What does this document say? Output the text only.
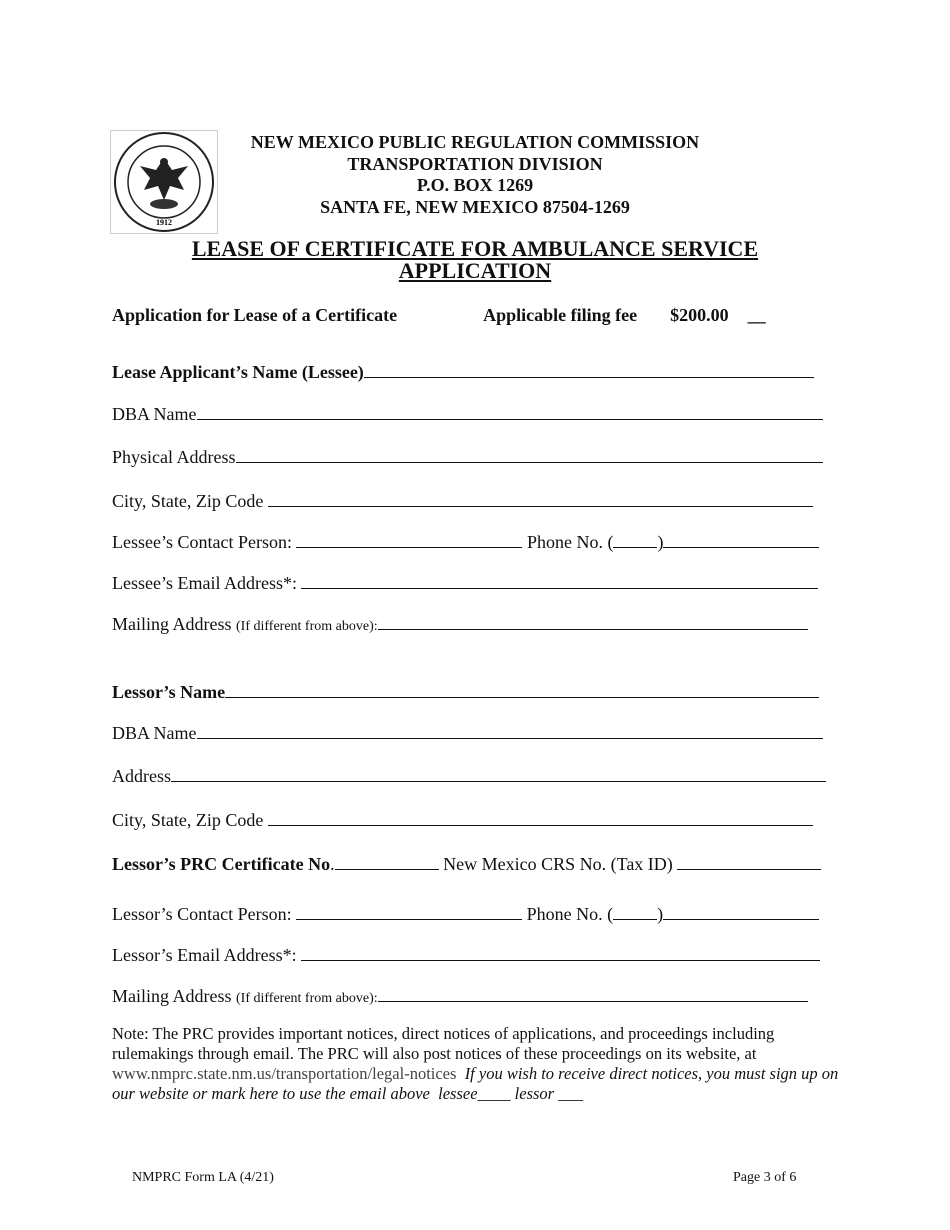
1912
NEW MEXICO PUBLIC REGULATION COMMISSION
TRANSPORTATION DIVISION
P.O. BOX 1269
SANTA FE, NEW MEXICO 87504-1269
LEASE OF CERTIFICATE FOR AMBULANCE SERVICE
APPLICATION
Application for Lease of a Certificate	Applicable filing fee $200.00 __
Lease Applicant’s Name (Lessee)
DBA Name
Physical Address
City, State, Zip Code
Lessee’s Contact Person:	Phone No. ( )
Lessee’s Email Address*:
Mailing Address (If different from above):
Lessor’s Name
DBA Name
Address
City, State, Zip Code
Lessor’s PRC Certificate No.	New Mexico CRS No. (Tax ID)
Lessor’s Contact Person:	Phone No. ( )
Lessor’s Email Address*:
Mailing Address (If different from above):
Note: The PRC provides important notices, direct notices of applications, and proceedings including rulemakings through email. The PRC will also post notices of these proceedings on its website, at www.nmprc.state.nm.us/transportation/legal-notices If you wish to receive direct notices, you must sign up on our website or mark here to use the email above lessee____ lessor ___
NMPRC Form LA (4/21)	Page 3 of 6
